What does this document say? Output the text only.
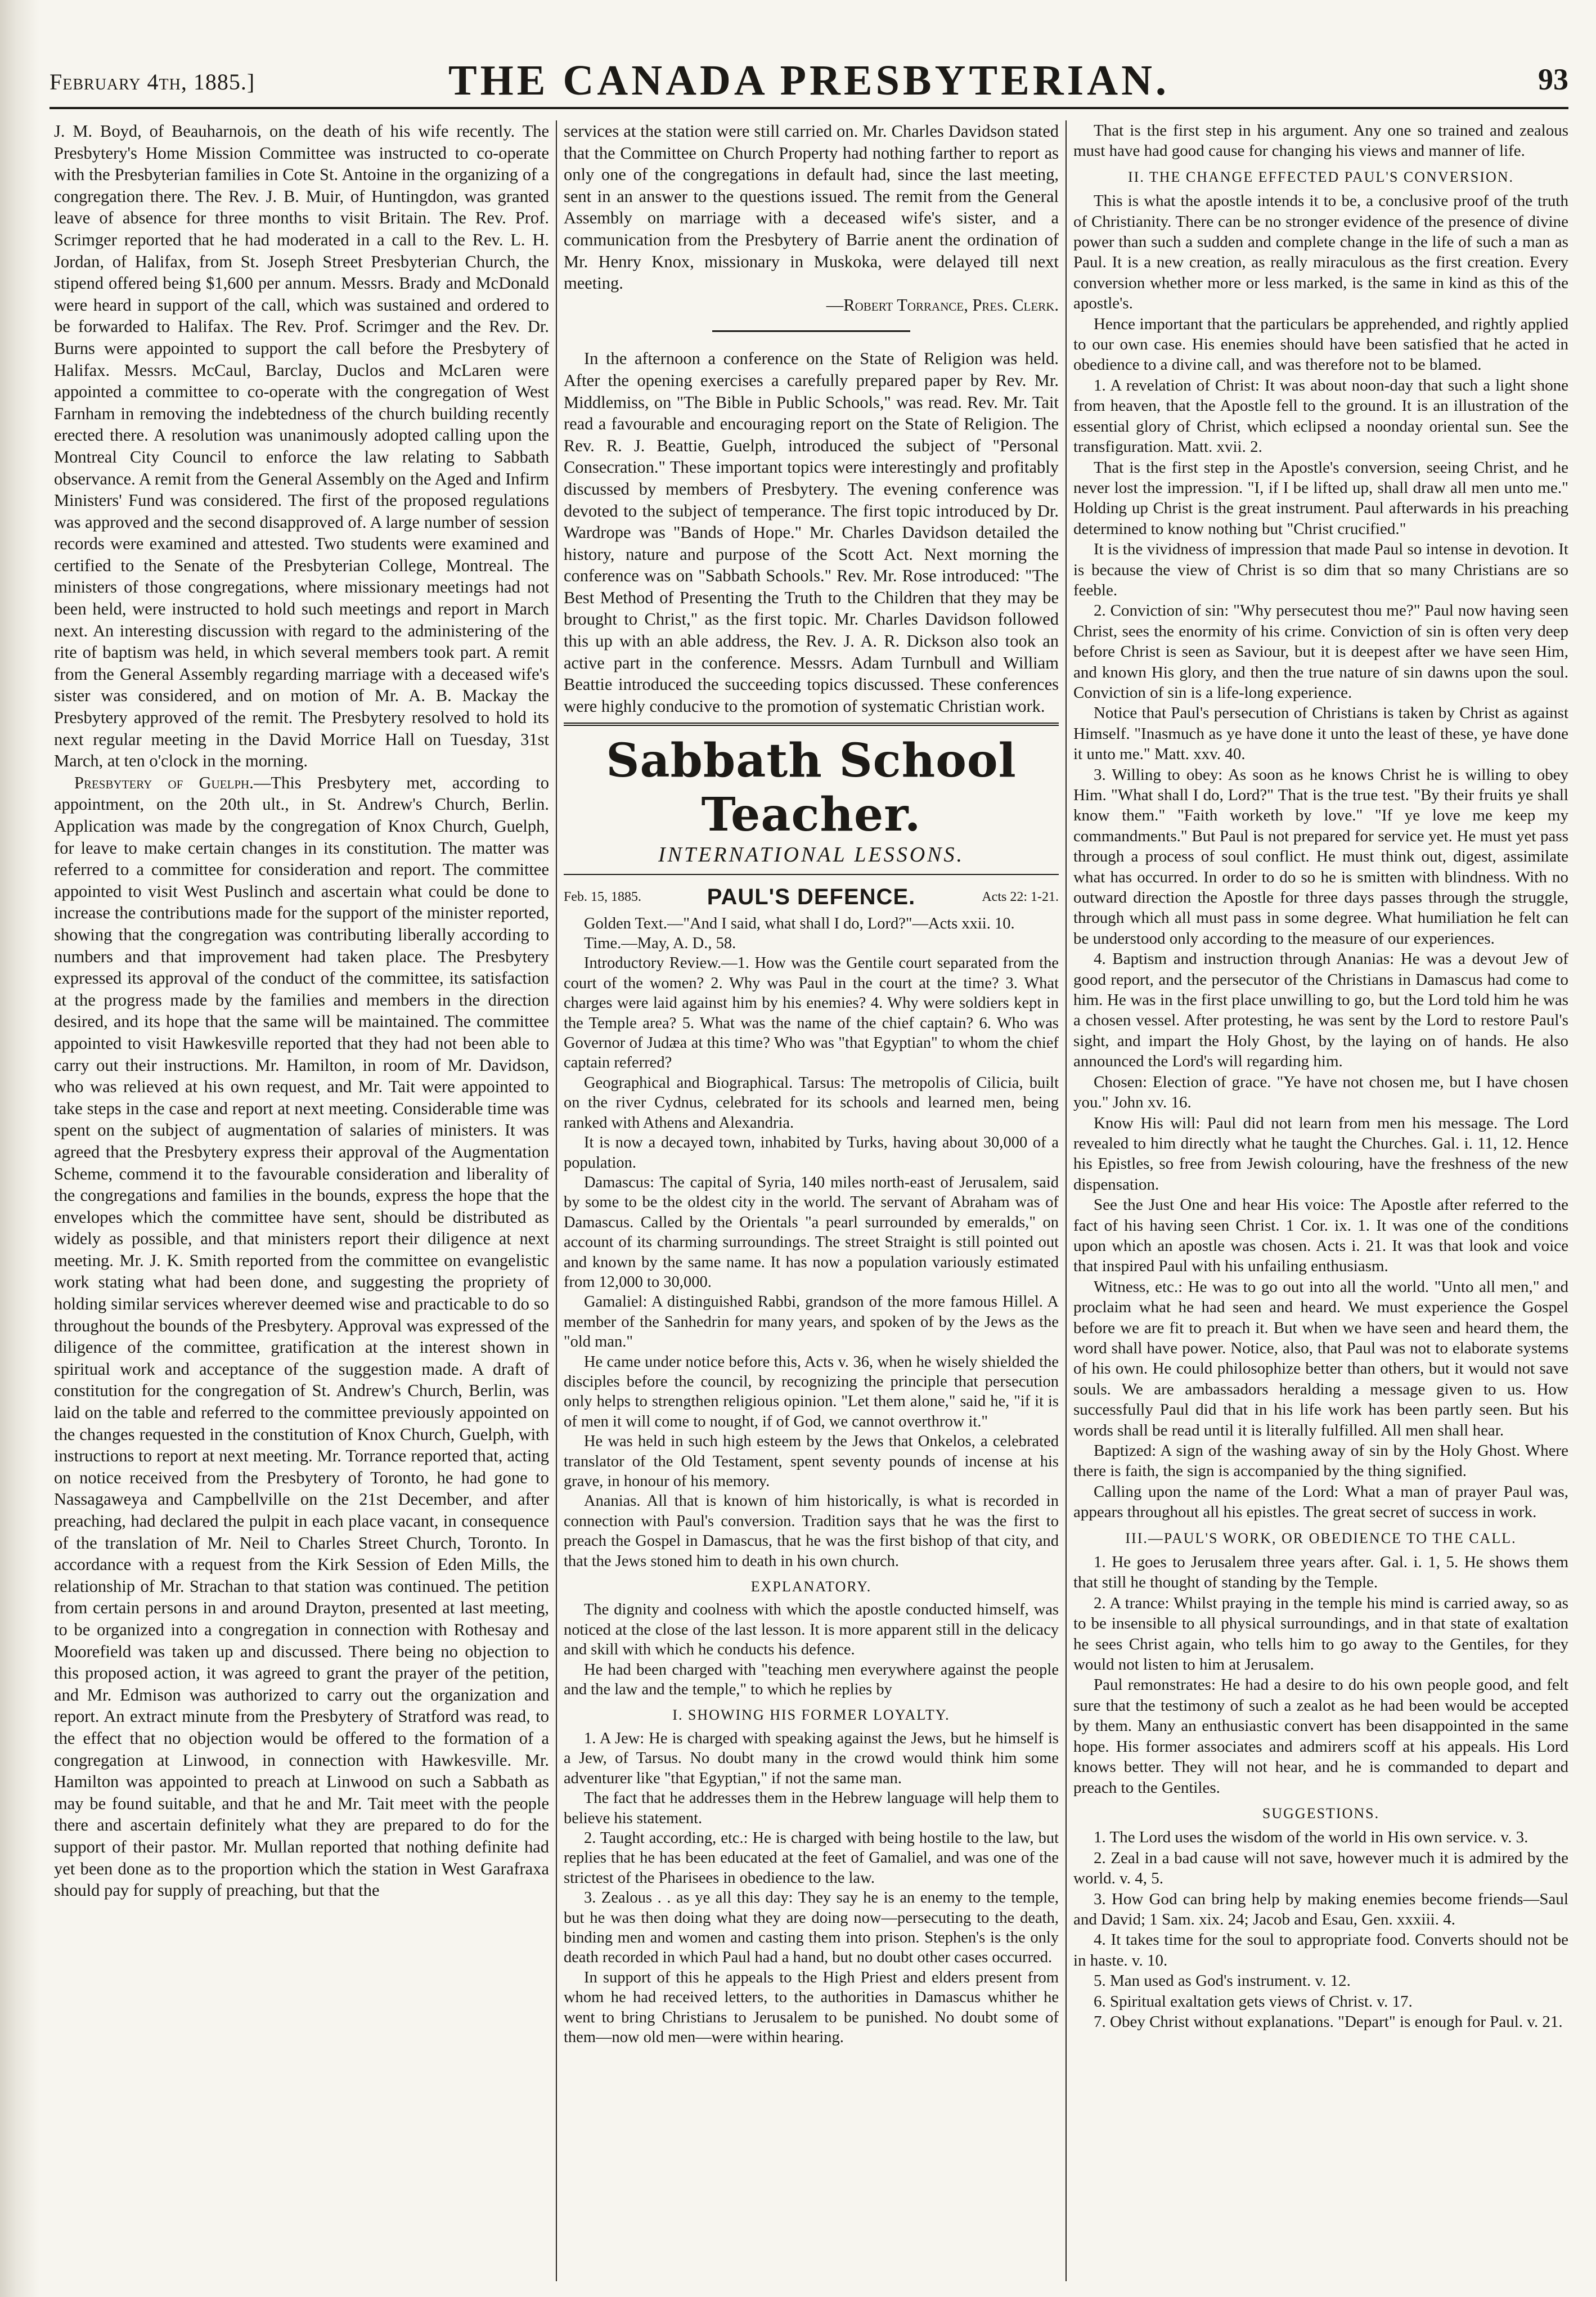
February 4th, 1885.]	THE CANADA PRESBYTERIAN.	93

J. M. Boyd, of Beauharnois, on the death of his wife recently. The Presbytery's Home Mission Committee was instructed to co-operate with the Presbyterian families in Cote St. Antoine in the organizing of a congregation there. The Rev. J. B. Muir, of Huntingdon, was granted leave of absence for three months to visit Britain. The Rev. Prof. Scrimger reported that he had moderated in a call to the Rev. L. H. Jordan, of Halifax, from St. Joseph Street Presbyterian Church, the stipend offered being $1,600 per annum. Messrs. Brady and McDonald were heard in support of the call, which was sustained and ordered to be forwarded to Halifax. The Rev. Prof. Scrimger and the Rev. Dr. Burns were appointed to support the call before the Presbytery of Halifax. Messrs. McCaul, Barclay, Duclos and McLaren were appointed a committee to co-operate with the congregation of West Farnham in removing the indebtedness of the church building recently erected there. A resolution was unanimously adopted calling upon the Montreal City Council to enforce the law relating to Sabbath observance. A remit from the General Assembly on the Aged and Infirm Ministers' Fund was considered. The first of the proposed regulations was approved and the second disapproved of. A large number of session records were examined and attested. Two students were examined and certified to the Senate of the Presbyterian College, Montreal. The ministers of those congregations, where missionary meetings had not been held, were instructed to hold such meetings and report in March next. An interesting discussion with regard to the administering of the rite of baptism was held, in which several members took part. A remit from the General Assembly regarding marriage with a deceased wife's sister was considered, and on motion of Mr. A. B. Mackay the Presbytery approved of the remit. The Presbytery resolved to hold its next regular meeting in the David Morrice Hall on Tuesday, 31st March, at ten o'clock in the morning.

Presbytery of Guelph.—This Presbytery met, according to appointment, on the 20th ult., in St. Andrew's Church, Berlin. Application was made by the congregation of Knox Church, Guelph, for leave to make certain changes in its constitution. The matter was referred to a committee for consideration and report. The committee appointed to visit West Puslinch and ascertain what could be done to increase the contributions made for the support of the minister reported, showing that the congregation was contributing liberally according to numbers and that improvement had taken place. The Presbytery expressed its approval of the conduct of the committee, its satisfaction at the progress made by the families and members in the direction desired, and its hope that the same will be maintained. The committee appointed to visit Hawkesville reported that they had not been able to carry out their instructions. Mr. Hamilton, in room of Mr. Davidson, who was relieved at his own request, and Mr. Tait were appointed to take steps in the case and report at next meeting. Considerable time was spent on the subject of augmentation of salaries of ministers. It was agreed that the Presbytery express their approval of the Augmentation Scheme, commend it to the favourable consideration and liberality of the congregations and families in the bounds, express the hope that the envelopes which the committee have sent, should be distributed as widely as possible, and that ministers report their diligence at next meeting. Mr. J. K. Smith reported from the committee on evangelistic work stating what had been done, and suggesting the propriety of holding similar services wherever deemed wise and practicable to do so throughout the bounds of the Presbytery. Approval was expressed of the diligence of the committee, gratification at the interest shown in spiritual work and acceptance of the suggestion made. A draft of constitution for the congregation of St. Andrew's Church, Berlin, was laid on the table and referred to the committee previously appointed on the changes requested in the constitution of Knox Church, Guelph, with instructions to report at next meeting. Mr. Torrance reported that, acting on notice received from the Presbytery of Toronto, he had gone to Nassagaweya and Campbellville on the 21st December, and after preaching, had declared the pulpit in each place vacant, in consequence of the translation of Mr. Neil to Charles Street Church, Toronto. In accordance with a request from the Kirk Session of Eden Mills, the relationship of Mr. Strachan to that station was continued. The petition from certain persons in and around Drayton, presented at last meeting, to be organized into a congregation in connection with Rothesay and Moorefield was taken up and discussed. There being no objection to this proposed action, it was agreed to grant the prayer of the petition, and Mr. Edmison was authorized to carry out the organization and report. An extract minute from the Presbytery of Stratford was read, to the effect that no objection would be offered to the formation of a congregation at Linwood, in connection with Hawkesville. Mr. Hamilton was appointed to preach at Linwood on such a Sabbath as may be found suitable, and that he and Mr. Tait meet with the people there and ascertain definitely what they are prepared to do for the support of their pastor. Mr. Mullan reported that nothing definite had yet been done as to the proportion which the station in West Garafraxa should pay for supply of preaching, but that the

services at the station were still carried on. Mr. Charles Davidson stated that the Committee on Church Property had nothing farther to report as only one of the congregations in default had, since the last meeting, sent in an answer to the questions issued. The remit from the General Assembly on marriage with a deceased wife's sister, and a communication from the Presbytery of Barrie anent the ordination of Mr. Henry Knox, missionary in Muskoka, were delayed till next meeting.

—Robert Torrance, Pres. Clerk.

In the afternoon a conference on the State of Religion was held. After the opening exercises a carefully prepared paper by Rev. Mr. Middlemiss, on "The Bible in Public Schools," was read. Rev. Mr. Tait read a favourable and encouraging report on the State of Religion. The Rev. R. J. Beattie, Guelph, introduced the subject of "Personal Consecration." These important topics were interestingly and profitably discussed by members of Presbytery. The evening conference was devoted to the subject of temperance. The first topic introduced by Dr. Wardrope was "Bands of Hope." Mr. Charles Davidson detailed the history, nature and purpose of the Scott Act. Next morning the conference was on "Sabbath Schools." Rev. Mr. Rose introduced: "The Best Method of Presenting the Truth to the Children that they may be brought to Christ," as the first topic. Mr. Charles Davidson followed this up with an able address, the Rev. J. A. R. Dickson also took an active part in the conference. Messrs. Adam Turnbull and William Beattie introduced the succeeding topics discussed. These conferences were highly conducive to the promotion of systematic Christian work.

Sabbath School Teacher.
INTERNATIONAL LESSONS.
Feb. 15, 1885.	PAUL'S DEFENCE.	Acts 22: 1-21.

Golden Text.—"And I said, what shall I do, Lord?"—Acts xxii. 10.

Time.—May, A. D., 58.

Introductory Review.—1. How was the Gentile court separated from the court of the women? 2. Why was Paul in the court at the time? 3. What charges were laid against him by his enemies? 4. Why were soldiers kept in the Temple area? 5. What was the name of the chief captain? 6. Who was Governor of Judæa at this time? Who was "that Egyptian" to whom the chief captain referred?

Geographical and Biographical. Tarsus: The metropolis of Cilicia, built on the river Cydnus, celebrated for its schools and learned men, being ranked with Athens and Alexandria.

It is now a decayed town, inhabited by Turks, having about 30,000 of a population.

Damascus: The capital of Syria, 140 miles north-east of Jerusalem, said by some to be the oldest city in the world. The servant of Abraham was of Damascus. Called by the Orientals "a pearl surrounded by emeralds," on account of its charming surroundings. The street Straight is still pointed out and known by the same name. It has now a population variously estimated from 12,000 to 30,000.

Gamaliel: A distinguished Rabbi, grandson of the more famous Hillel. A member of the Sanhedrin for many years, and spoken of by the Jews as the "old man."

He came under notice before this, Acts v. 36, when he wisely shielded the disciples before the council, by recognizing the principle that persecution only helps to strengthen religious opinion. "Let them alone," said he, "if it is of men it will come to nought, if of God, we cannot overthrow it."

He was held in such high esteem by the Jews that Onkelos, a celebrated translator of the Old Testament, spent seventy pounds of incense at his grave, in honour of his memory.

Ananias. All that is known of him historically, is what is recorded in connection with Paul's conversion. Tradition says that he was the first to preach the Gospel in Damascus, that he was the first bishop of that city, and that the Jews stoned him to death in his own church.

EXPLANATORY.

The dignity and coolness with which the apostle conducted himself, was noticed at the close of the last lesson. It is more apparent still in the delicacy and skill with which he conducts his defence.

He had been charged with "teaching men everywhere against the people and the law and the temple," to which he replies by

I. SHOWING HIS FORMER LOYALTY.

1. A Jew: He is charged with speaking against the Jews, but he himself is a Jew, of Tarsus. No doubt many in the crowd would think him some adventurer like "that Egyptian," if not the same man.

The fact that he addresses them in the Hebrew language will help them to believe his statement.

2. Taught according, etc.: He is charged with being hostile to the law, but replies that he has been educated at the feet of Gamaliel, and was one of the strictest of the Pharisees in obedience to the law.

3. Zealous . . as ye all this day: They say he is an enemy to the temple, but he was then doing what they are doing now—persecuting to the death, binding men and women and casting them into prison. Stephen's is the only death recorded in which Paul had a hand, but no doubt other cases occurred.

In support of this he appeals to the High Priest and elders present from whom he had received letters, to the authorities in Damascus whither he went to bring Christians to Jerusalem to be punished. No doubt some of them—now old men—were within hearing.

That is the first step in his argument. Any one so trained and zealous must have had good cause for changing his views and manner of life.

II. THE CHANGE EFFECTED PAUL'S CONVERSION.

This is what the apostle intends it to be, a conclusive proof of the truth of Christianity. There can be no stronger evidence of the presence of divine power than such a sudden and complete change in the life of such a man as Paul. It is a new creation, as really miraculous as the first creation. Every conversion whether more or less marked, is the same in kind as this of the apostle's.

Hence important that the particulars be apprehended, and rightly applied to our own case. His enemies should have been satisfied that he acted in obedience to a divine call, and was therefore not to be blamed.

1. A revelation of Christ: It was about noon-day that such a light shone from heaven, that the Apostle fell to the ground. It is an illustration of the essential glory of Christ, which eclipsed a noonday oriental sun. See the transfiguration. Matt. xvii. 2.

That is the first step in the Apostle's conversion, seeing Christ, and he never lost the impression. "I, if I be lifted up, shall draw all men unto me." Holding up Christ is the great instrument. Paul afterwards in his preaching determined to know nothing but "Christ crucified."

It is the vividness of impression that made Paul so intense in devotion. It is because the view of Christ is so dim that so many Christians are so feeble.

2. Conviction of sin: "Why persecutest thou me?" Paul now having seen Christ, sees the enormity of his crime. Conviction of sin is often very deep before Christ is seen as Saviour, but it is deepest after we have seen Him, and known His glory, and then the true nature of sin dawns upon the soul. Conviction of sin is a life-long experience.

Notice that Paul's persecution of Christians is taken by Christ as against Himself. "Inasmuch as ye have done it unto the least of these, ye have done it unto me." Matt. xxv. 40.

3. Willing to obey: As soon as he knows Christ he is willing to obey Him. "What shall I do, Lord?" That is the true test. "By their fruits ye shall know them." "Faith worketh by love." "If ye love me keep my commandments." But Paul is not prepared for service yet. He must yet pass through a process of soul conflict. He must think out, digest, assimilate what has occurred. In order to do so he is smitten with blindness. With no outward direction the Apostle for three days passes through the struggle, through which all must pass in some degree. What humiliation he felt can be understood only according to the measure of our experiences.

4. Baptism and instruction through Ananias: He was a devout Jew of good report, and the persecutor of the Christians in Damascus had come to him. He was in the first place unwilling to go, but the Lord told him he was a chosen vessel. After protesting, he was sent by the Lord to restore Paul's sight, and impart the Holy Ghost, by the laying on of hands. He also announced the Lord's will regarding him.

Chosen: Election of grace. "Ye have not chosen me, but I have chosen you." John xv. 16.

Know His will: Paul did not learn from men his message. The Lord revealed to him directly what he taught the Churches. Gal. i. 11, 12. Hence his Epistles, so free from Jewish colouring, have the freshness of the new dispensation.

See the Just One and hear His voice: The Apostle after referred to the fact of his having seen Christ. 1 Cor. ix. 1. It was one of the conditions upon which an apostle was chosen. Acts i. 21. It was that look and voice that inspired Paul with his unfailing enthusiasm.

Witness, etc.: He was to go out into all the world. "Unto all men," and proclaim what he had seen and heard. We must experience the Gospel before we are fit to preach it. But when we have seen and heard them, the word shall have power. Notice, also, that Paul was not to elaborate systems of his own. He could philosophize better than others, but it would not save souls. We are ambassadors heralding a message given to us. How successfully Paul did that in his life work has been partly seen. But his words shall be read until it is literally fulfilled. All men shall hear.

Baptized: A sign of the washing away of sin by the Holy Ghost. Where there is faith, the sign is accompanied by the thing signified.

Calling upon the name of the Lord: What a man of prayer Paul was, appears throughout all his epistles. The great secret of success in work.

III.—PAUL'S WORK, OR OBEDIENCE TO THE CALL.

1. He goes to Jerusalem three years after. Gal. i. 1, 5. He shows them that still he thought of standing by the Temple.

2. A trance: Whilst praying in the temple his mind is carried away, so as to be insensible to all physical surroundings, and in that state of exaltation he sees Christ again, who tells him to go away to the Gentiles, for they would not listen to him at Jerusalem.

Paul remonstrates: He had a desire to do his own people good, and felt sure that the testimony of such a zealot as he had been would be accepted by them. Many an enthusiastic convert has been disappointed in the same hope. His former associates and admirers scoff at his appeals. His Lord knows better. They will not hear, and he is commanded to depart and preach to the Gentiles.

SUGGESTIONS.

1. The Lord uses the wisdom of the world in His own service. v. 3.

2. Zeal in a bad cause will not save, however much it is admired by the world. v. 4, 5.

3. How God can bring help by making enemies become friends—Saul and David; 1 Sam. xix. 24; Jacob and Esau, Gen. xxxiii. 4.

4. It takes time for the soul to appropriate food. Converts should not be in haste. v. 10.

5. Man used as God's instrument. v. 12.

6. Spiritual exaltation gets views of Christ. v. 17.

7. Obey Christ without explanations. "Depart" is enough for Paul. v. 21.
